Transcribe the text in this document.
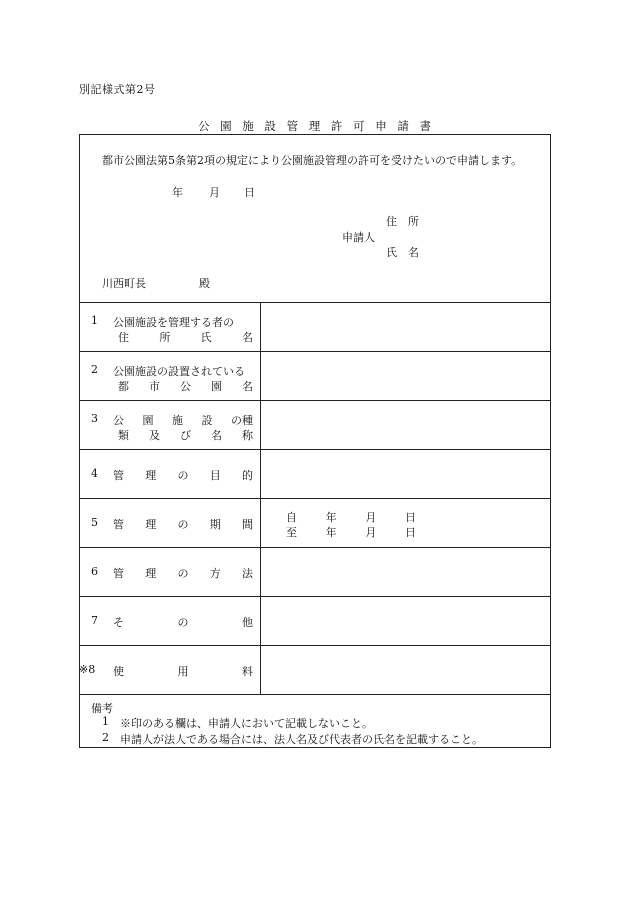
別記様式第2号
公 園 施 設 管 理 許 可 申 請 書
都市公園法第5条第2項の規定により公園施設管理の許可を受けたいので申請します。
年 月 日
住　所
申請人
氏　名
川西町長	殿
1 公園施設を管理する者の
住	所	氏	名
2 公園施設の設置されている
都 市 公 園 名
3 公 園 施 設 の種
類 及 び 名 称
4 管 理 の 目 的
5 管 理 の 期 間
自	年	月	日
至	年	月	日
6 管 理 の 方 法
7 そ	の	他
※8 使	用	料
備考
1 ※印のある欄は、申請人において記載しないこと。
2 申請人が法人である場合には、法人名及び代表者の氏名を記載すること。
